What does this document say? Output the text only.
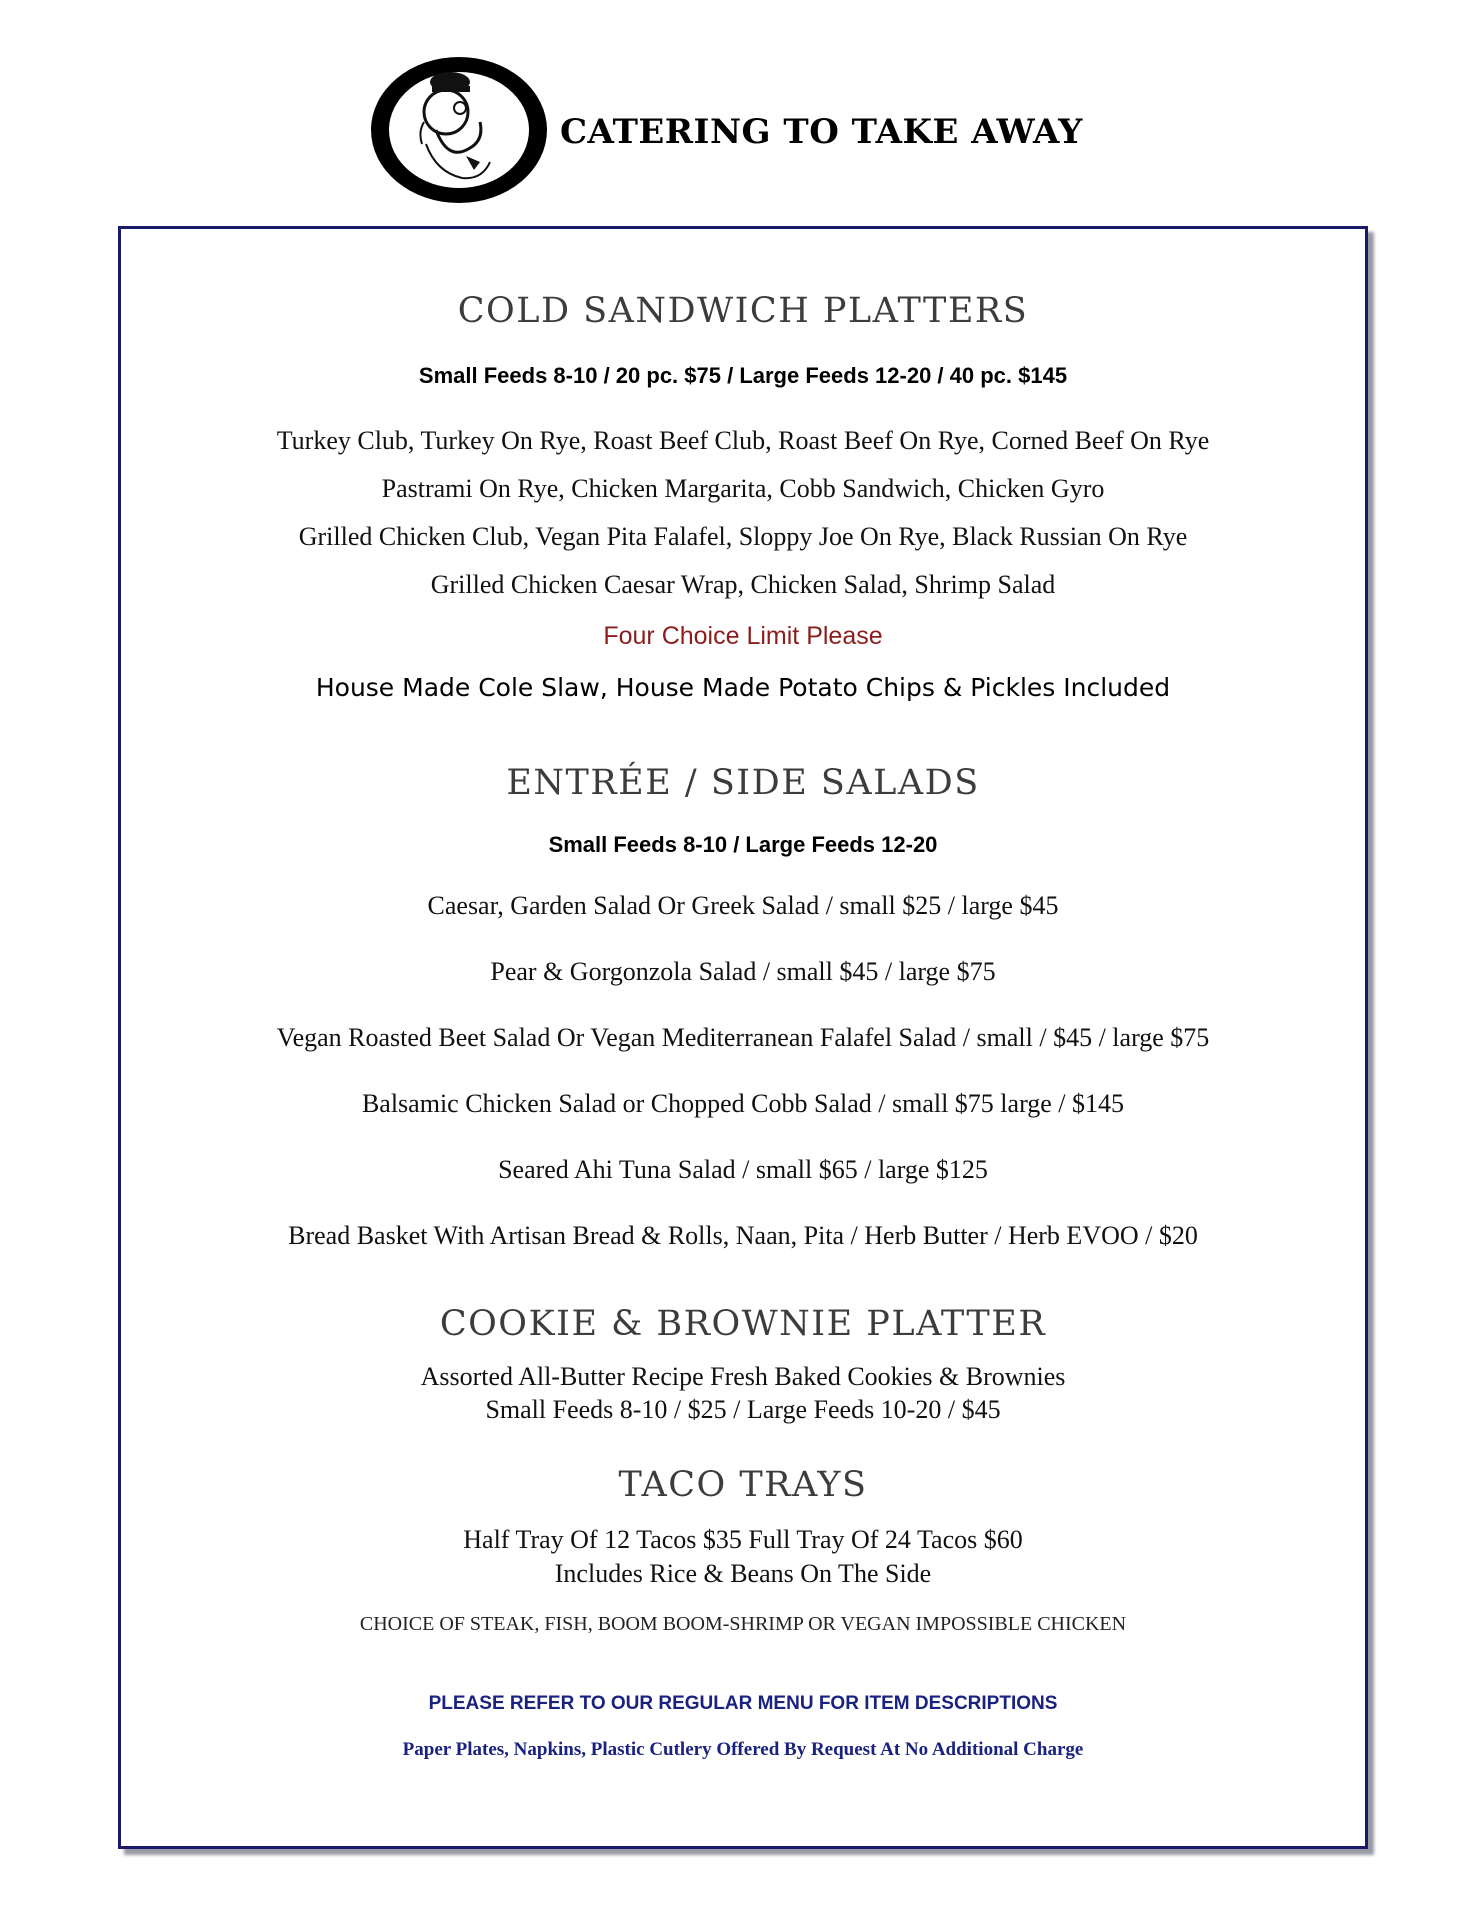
CATERING TO TAKE AWAY
COLD SANDWICH PLATTERS
Small Feeds 8-10 / 20 pc. $75 / Large Feeds 12-20 / 40 pc. $145
Turkey Club, Turkey On Rye, Roast Beef Club, Roast Beef On Rye, Corned Beef On Rye
Pastrami On Rye, Chicken Margarita, Cobb Sandwich, Chicken Gyro
Grilled Chicken Club, Vegan Pita Falafel, Sloppy Joe On Rye, Black Russian On Rye
Grilled Chicken Caesar Wrap, Chicken Salad, Shrimp Salad
Four Choice Limit Please
House Made Cole Slaw, House Made Potato Chips & Pickles Included
ENTRÉE / SIDE SALADS
Small Feeds 8-10 / Large Feeds 12-20
Caesar, Garden Salad Or Greek Salad / small $25 / large $45
Pear & Gorgonzola Salad / small $45 / large $75
Vegan Roasted Beet Salad Or Vegan Mediterranean Falafel Salad / small / $45 / large $75
Balsamic Chicken Salad or Chopped Cobb Salad / small $75 large / $145
Seared Ahi Tuna Salad / small $65 / large $125
Bread Basket With Artisan Bread & Rolls, Naan, Pita / Herb Butter / Herb EVOO / $20
COOKIE & BROWNIE PLATTER
Assorted All-Butter Recipe Fresh Baked Cookies & Brownies
Small Feeds 8-10 / $25 / Large Feeds 10-20 / $45
TACO TRAYS
Half Tray Of 12 Tacos $35 Full Tray Of 24 Tacos $60
Includes Rice & Beans On The Side
CHOICE OF STEAK, FISH, BOOM BOOM-SHRIMP OR VEGAN IMPOSSIBLE CHICKEN
PLEASE REFER TO OUR REGULAR MENU FOR ITEM DESCRIPTIONS
Paper Plates, Napkins, Plastic Cutlery Offered By Request At No Additional Charge
